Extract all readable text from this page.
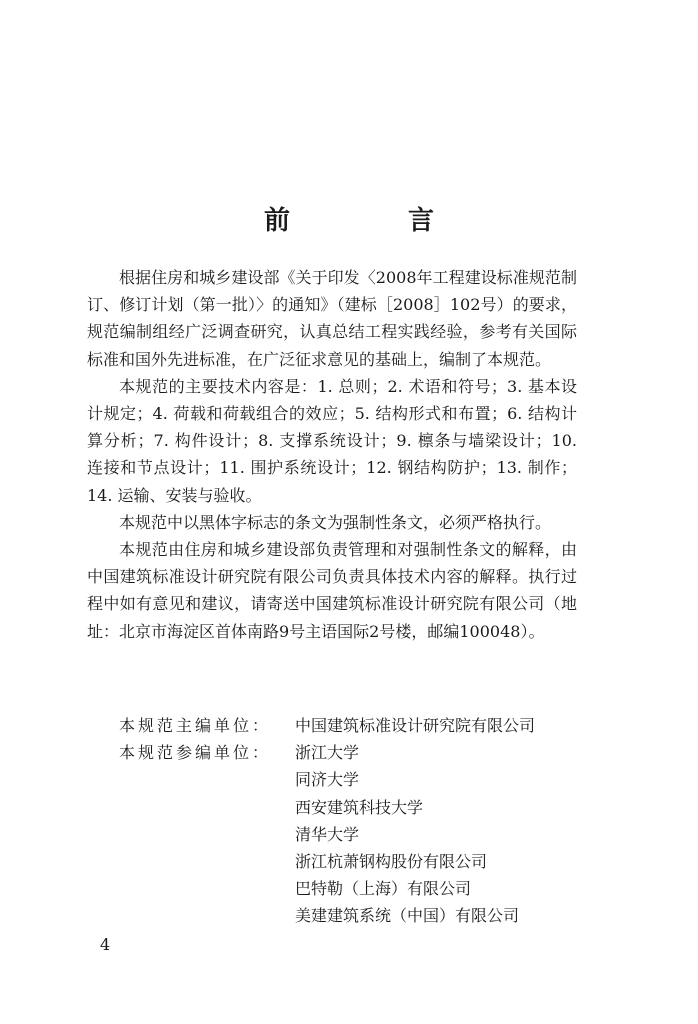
前　言

根据住房和城乡建设部《关于印发〈2008年工程建设标准规范制订、修订计划（第一批）〉的通知》（建标［2008］102号）的要求，规范编制组经广泛调查研究，认真总结工程实践经验，参考有关国际标准和国外先进标准，在广泛征求意见的基础上，编制了本规范。

本规范的主要技术内容是：1. 总则；2. 术语和符号；3. 基本设计规定；4. 荷载和荷载组合的效应；5. 结构形式和布置；6. 结构计算分析；7. 构件设计；8. 支撑系统设计；9. 檩条与墙梁设计；10. 连接和节点设计；11. 围护系统设计；12. 钢结构防护；13. 制作；14. 运输、安装与验收。

本规范中以黑体字标志的条文为强制性条文，必须严格执行。

本规范由住房和城乡建设部负责管理和对强制性条文的解释，由中国建筑标准设计研究院有限公司负责具体技术内容的解释。执行过程中如有意见和建议，请寄送中国建筑标准设计研究院有限公司（地址：北京市海淀区首体南路9号主语国际2号楼，邮编100048）。

本规范主编单位：	中国建筑标准设计研究院有限公司
本规范参编单位：	浙江大学
同济大学
西安建筑科技大学
清华大学
浙江杭萧钢构股份有限公司
巴特勒（上海）有限公司
美建建筑系统（中国）有限公司
4
